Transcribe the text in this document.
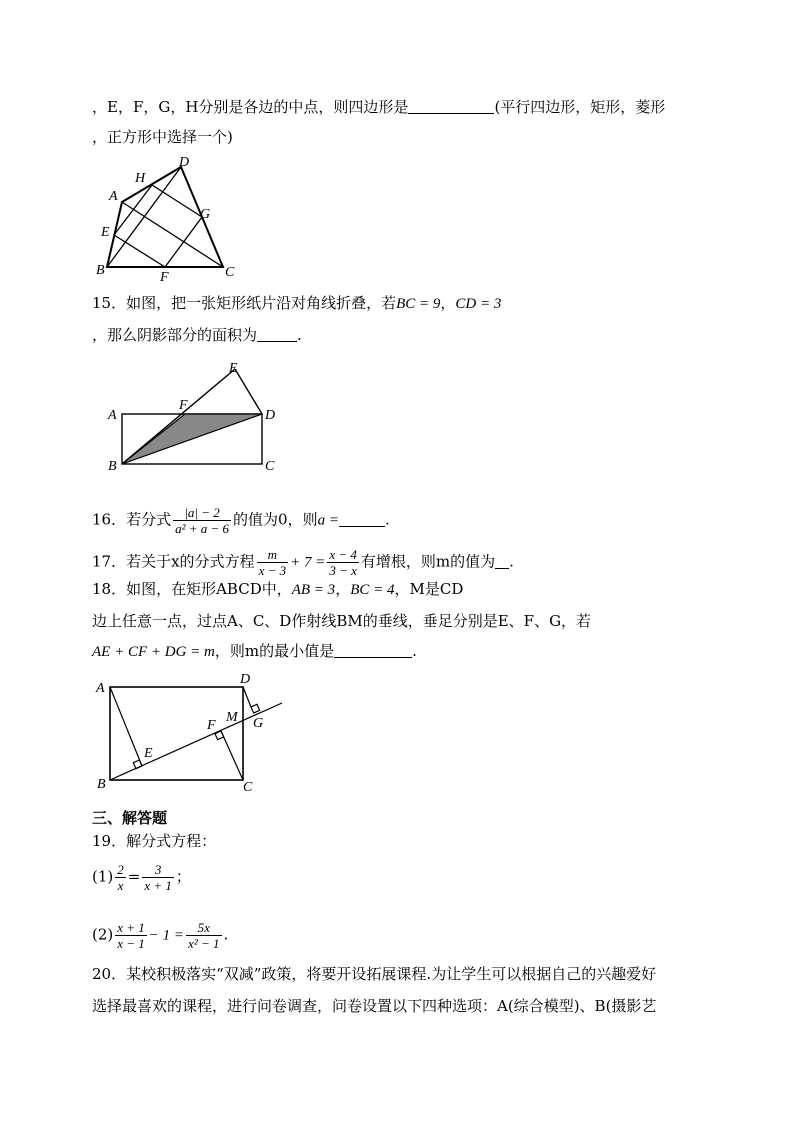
，E，F，G，H分别是各边的中点，则四边形是	(平行四边形，矩形，菱形
，正方形中选择一个)
B
A
H
D
E
G
F	C
15．如图，把一张矩形纸片沿对角线折叠，若BC = 9，CD = 3
，那么阴影部分的面积为	.
A
F
E
D
B	C
16．若分式 $\frac{|a| - 2}{\text{a² + a − 6}}$ 的值为0，则a =	.
17．若关于x的分式方程 $\frac{m}{x - 3} + 7 = \frac{x - 4}{3 - x}$ 有增根，则m的值为 .
18．如图，在矩形ABCD中，AB = 3，BC = 4，M是CD
边上任意一点，过点A、C、D作射线BM的垂线，垂足分别是E、F、G，若
AE + CF + DG = m，则m的最小值是	.
A
D
M
F	G
E
B	C
三、解答题
19．解分式方程：
$(1) \frac{2}{x} = \frac{3}{x + 1}$ ；
$(2) \frac{x + 1}{x - 1} - 1 = \frac{5x}{\text{x² − 1}}$ .
20．某校积极落实“双减”政策，将要开设拓展课程.为让学生可以根据自己的兴趣爱好
选择最喜欢的课程，进行问卷调查，问卷设置以下四种选项：A(综合模型)、B(摄影艺
